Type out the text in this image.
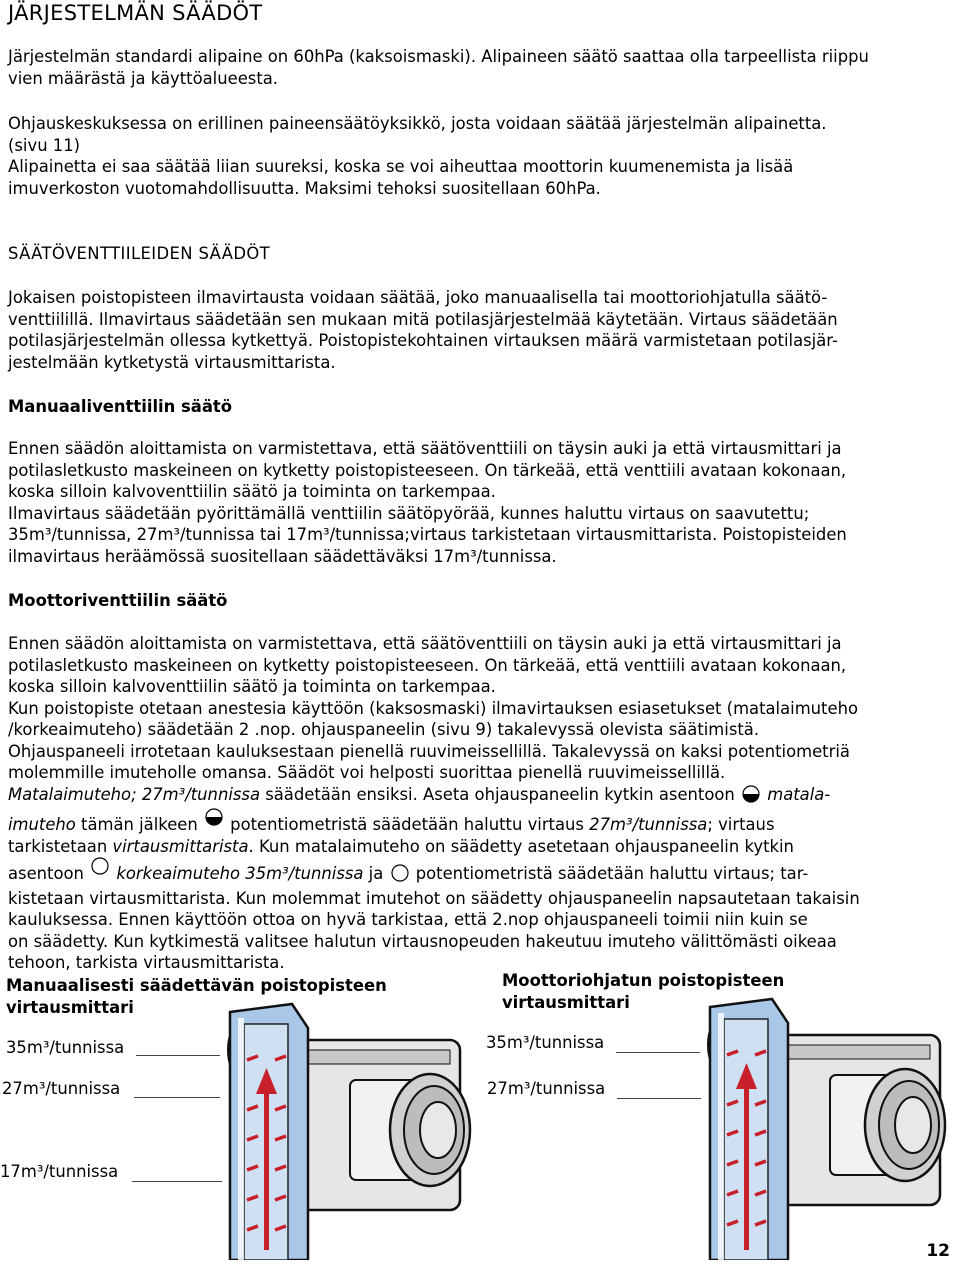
JÄRJESTELMÄN SÄÄDÖT
Järjestelmän standardi alipaine on 60hPa (kaksoismaski). Alipaineen säätö saattaa olla tarpeellista riippu
vien määrästä ja käyttöalueesta.
Ohjauskeskuksessa on erillinen paineensäätöyksikkö, josta voidaan säätää järjestelmän alipainetta.
(sivu 11)
Alipainetta ei saa säätää liian suureksi, koska se voi aiheuttaa moottorin kuumenemista ja lisää
imuverkoston vuotomahdollisuutta. Maksimi tehoksi suositellaan 60hPa.
SÄÄTÖVENTTIILEIDEN SÄÄDÖT
Jokaisen poistopisteen ilmavirtausta voidaan säätää, joko manuaalisella tai moottoriohjatulla säätö-
venttiilillä. Ilmavirtaus säädetään sen mukaan mitä potilasjärjestelmää käytetään. Virtaus säädetään
potilasjärjestelmän ollessa kytkettyä. Poistopistekohtainen virtauksen määrä varmistetaan potilasjär-
jestelmään kytketystä virtausmittarista.
Manuaaliventtiilin säätö
Ennen säädön aloittamista on varmistettava, että säätöventtiili on täysin auki ja että virtausmittari ja
potilasletkusto maskeineen on kytketty poistopisteeseen. On tärkeää, että venttiili avataan kokonaan,
koska silloin kalvoventtiilin säätö ja toiminta on tarkempaa.
Ilmavirtaus säädetään pyörittämällä venttiilin säätöpyörää, kunnes haluttu virtaus on saavutettu;
35m³/tunnissa, 27m³/tunnissa tai 17m³/tunnissa;virtaus tarkistetaan virtausmittarista. Poistopisteiden
ilmavirtaus heräämössä suositellaan säädettäväksi 17m³/tunnissa.
Moottoriventtiilin säätö
Ennen säädön aloittamista on varmistettava, että säätöventtiili on täysin auki ja että virtausmittari ja
potilasletkusto maskeineen on kytketty poistopisteeseen. On tärkeää, että venttiili avataan kokonaan,
koska silloin kalvoventtiilin säätö ja toiminta on tarkempaa.
Kun poistopiste otetaan anestesia käyttöön (kaksosmaski) ilmavirtauksen esiasetukset (matalaimuteho
/korkeaimuteho) säädetään 2 .nop. ohjauspaneelin (sivu 9) takalevyssä olevista säätimistä.
Ohjauspaneeli irrotetaan kauluksestaan pienellä ruuvimeissellillä. Takalevyssä on kaksi potentiometriä
molemmille imuteholle omansa. Säädöt voi helposti suorittaa pienellä ruuvimeissellillä.
Matalaimuteho; 27m³/tunnissa säädetään ensiksi. Aseta ohjauspaneelin kytkin asentoon  matala-
imuteho tämän jälkeen  potentiometristä säädetään haluttu virtaus 27m³/tunnissa; virtaus
tarkistetaan virtausmittarista. Kun matalaimuteho on säädetty asetetaan ohjauspaneelin kytkin
asentoon  korkeaimuteho 35m³/tunnissa ja  potentiometristä säädetään haluttu virtaus; tar-
kistetaan virtausmittarista. Kun molemmat imutehot on säädetty ohjauspaneelin napsautetaan takaisin
kauluksessa. Ennen käyttöön ottoa on hyvä tarkistaa, että 2.nop ohjauspaneeli toimii niin kuin se
on säädetty. Kun kytkimestä valitsee halutun virtausnopeuden hakeutuu imuteho välittömästi oikeaa
tehoon, tarkista virtausmittarista.
Manuaalisesti säädettävän poistopisteen
virtausmittari
35m³/tunnissa
27m³/tunnissa
17m³/tunnissa
Moottoriohjatun poistopisteen
virtausmittari
35m³/tunnissa
27m³/tunnissa
12
